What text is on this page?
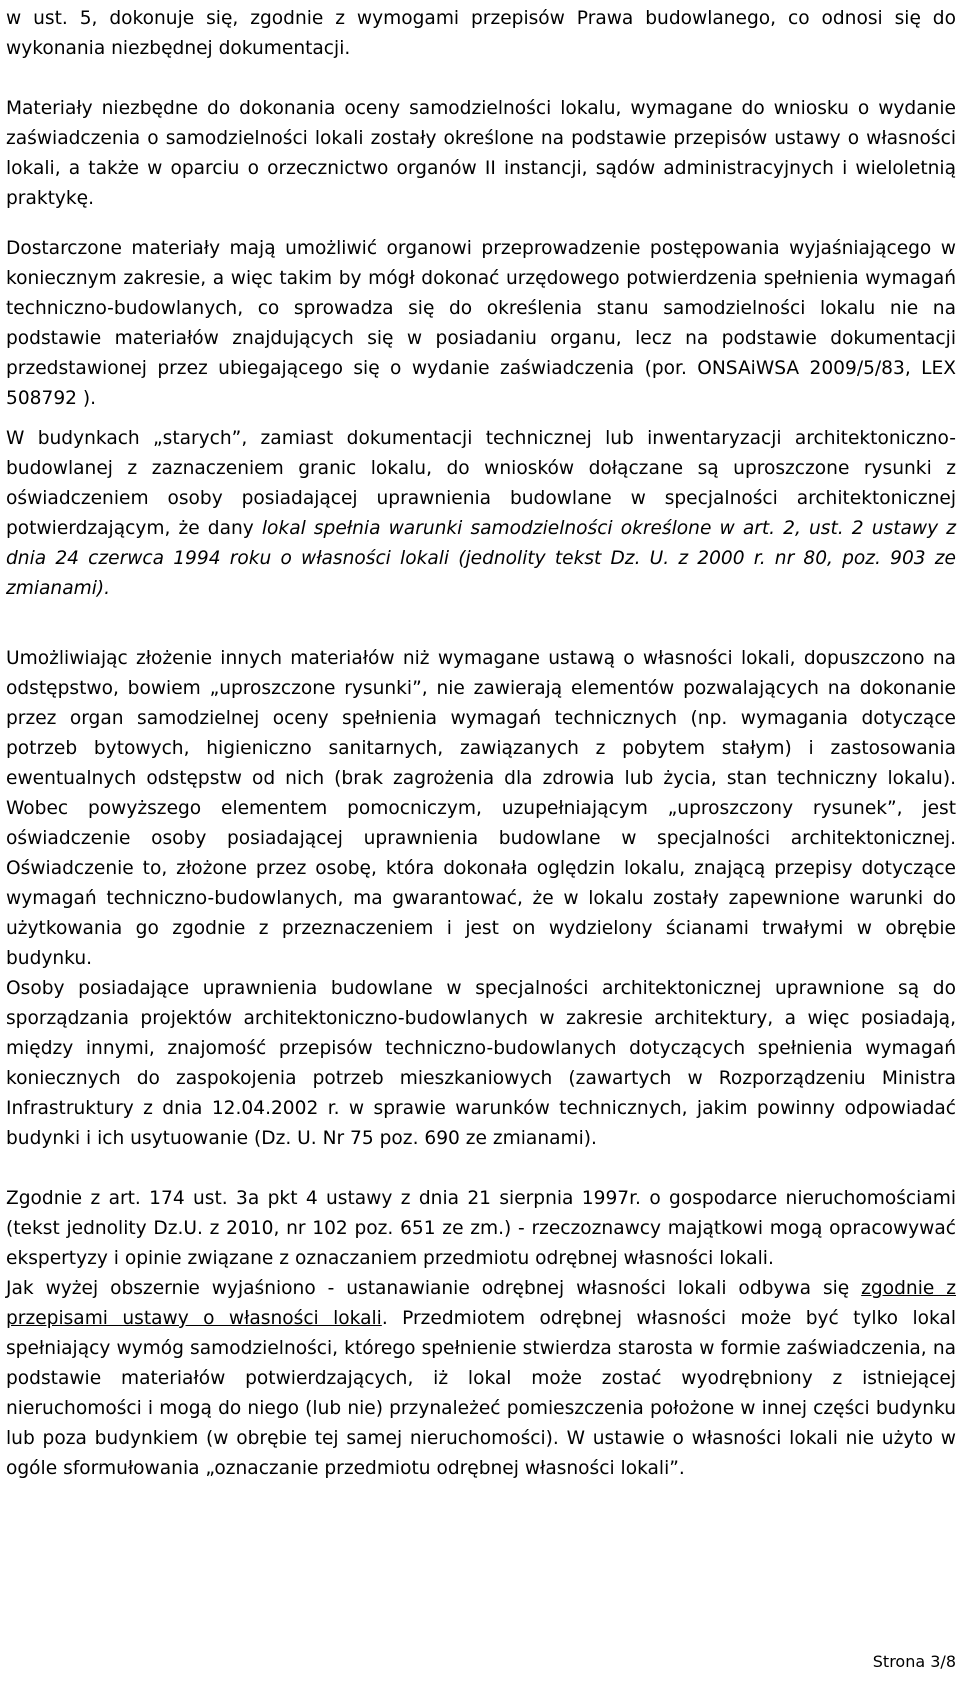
w ust. 5, dokonuje się, zgodnie z wymogami przepisów Prawa budowlanego, co odnosi się do wykonania niezbędnej dokumentacji.

Materiały niezbędne do dokonania oceny samodzielności lokalu, wymagane do wniosku o wydanie zaświadczenia o samodzielności lokali zostały określone na podstawie przepisów ustawy o własności lokali, a także w oparciu o orzecznictwo organów II instancji, sądów administracyjnych i wieloletnią praktykę.

Dostarczone materiały mają umożliwić organowi przeprowadzenie postępowania wyjaśniającego w koniecznym zakresie, a więc takim by mógł dokonać urzędowego potwierdzenia spełnienia wymagań techniczno-budowlanych, co sprowadza się do określenia stanu samodzielności lokalu nie na podstawie materiałów znajdujących się w posiadaniu organu, lecz na podstawie dokumentacji przedstawionej przez ubiegającego się o wydanie zaświadczenia (por. ONSAiWSA 2009/5/83, LEX 508792 ).

W budynkach „starych”, zamiast dokumentacji technicznej lub inwentaryzacji architektoniczno-budowlanej z zaznaczeniem granic lokalu, do wniosków dołączane są uproszczone rysunki z oświadczeniem osoby posiadającej uprawnienia budowlane w specjalności architektonicznej potwierdzającym, że dany lokal spełnia warunki samodzielności określone w art. 2, ust. 2 ustawy z dnia 24 czerwca 1994 roku o własności lokali (jednolity tekst Dz. U. z 2000 r. nr 80, poz. 903 ze zmianami).

Umożliwiając złożenie innych materiałów niż wymagane ustawą o własności lokali, dopuszczono na odstępstwo, bowiem „uproszczone rysunki”, nie zawierają elementów pozwalających na dokonanie przez organ samodzielnej oceny spełnienia wymagań technicznych (np. wymagania dotyczące potrzeb bytowych, higieniczno sanitarnych, zawiązanych z pobytem stałym) i zastosowania ewentualnych odstępstw od nich (brak zagrożenia dla zdrowia lub życia, stan techniczny lokalu). Wobec powyższego elementem pomocniczym, uzupełniającym „uproszczony rysunek”, jest oświadczenie osoby posiadającej uprawnienia budowlane w specjalności architektonicznej. Oświadczenie to, złożone przez osobę, która dokonała oględzin lokalu, znającą przepisy dotyczące wymagań techniczno-budowlanych, ma gwarantować, że w lokalu zostały zapewnione warunki do użytkowania go zgodnie z przeznaczeniem i jest on wydzielony ścianami trwałymi w obrębie budynku.

Osoby posiadające uprawnienia budowlane w specjalności architektonicznej uprawnione są do sporządzania projektów architektoniczno-budowlanych w zakresie architektury, a więc posiadają, między innymi, znajomość przepisów techniczno-budowlanych dotyczących spełnienia wymagań koniecznych do zaspokojenia potrzeb mieszkaniowych (zawartych w Rozporządzeniu Ministra Infrastruktury z dnia 12.04.2002 r. w sprawie warunków technicznych, jakim powinny odpowiadać budynki i ich usytuowanie (Dz. U. Nr 75 poz. 690 ze zmianami).

Zgodnie z art. 174 ust. 3a pkt 4 ustawy z dnia 21 sierpnia 1997r. o gospodarce nieruchomościami (tekst jednolity Dz.U. z 2010, nr 102 poz. 651 ze zm.) - rzeczoznawcy majątkowi mogą opracowywać ekspertyzy i opinie związane z oznaczaniem przedmiotu odrębnej własności lokali.

Jak wyżej obszernie wyjaśniono - ustanawianie odrębnej własności lokali odbywa się zgodnie z przepisami ustawy o własności lokali. Przedmiotem odrębnej własności może być tylko lokal spełniający wymóg samodzielności, którego spełnienie stwierdza starosta w formie zaświadczenia, na podstawie materiałów potwierdzających, iż lokal może zostać wyodrębniony z istniejącej nieruchomości i mogą do niego (lub nie) przynależeć pomieszczenia położone w innej części budynku lub poza budynkiem (w obrębie tej samej nieruchomości). W ustawie o własności lokali nie użyto w ogóle sformułowania „oznaczanie przedmiotu odrębnej własności lokali”.

Strona 3/8
